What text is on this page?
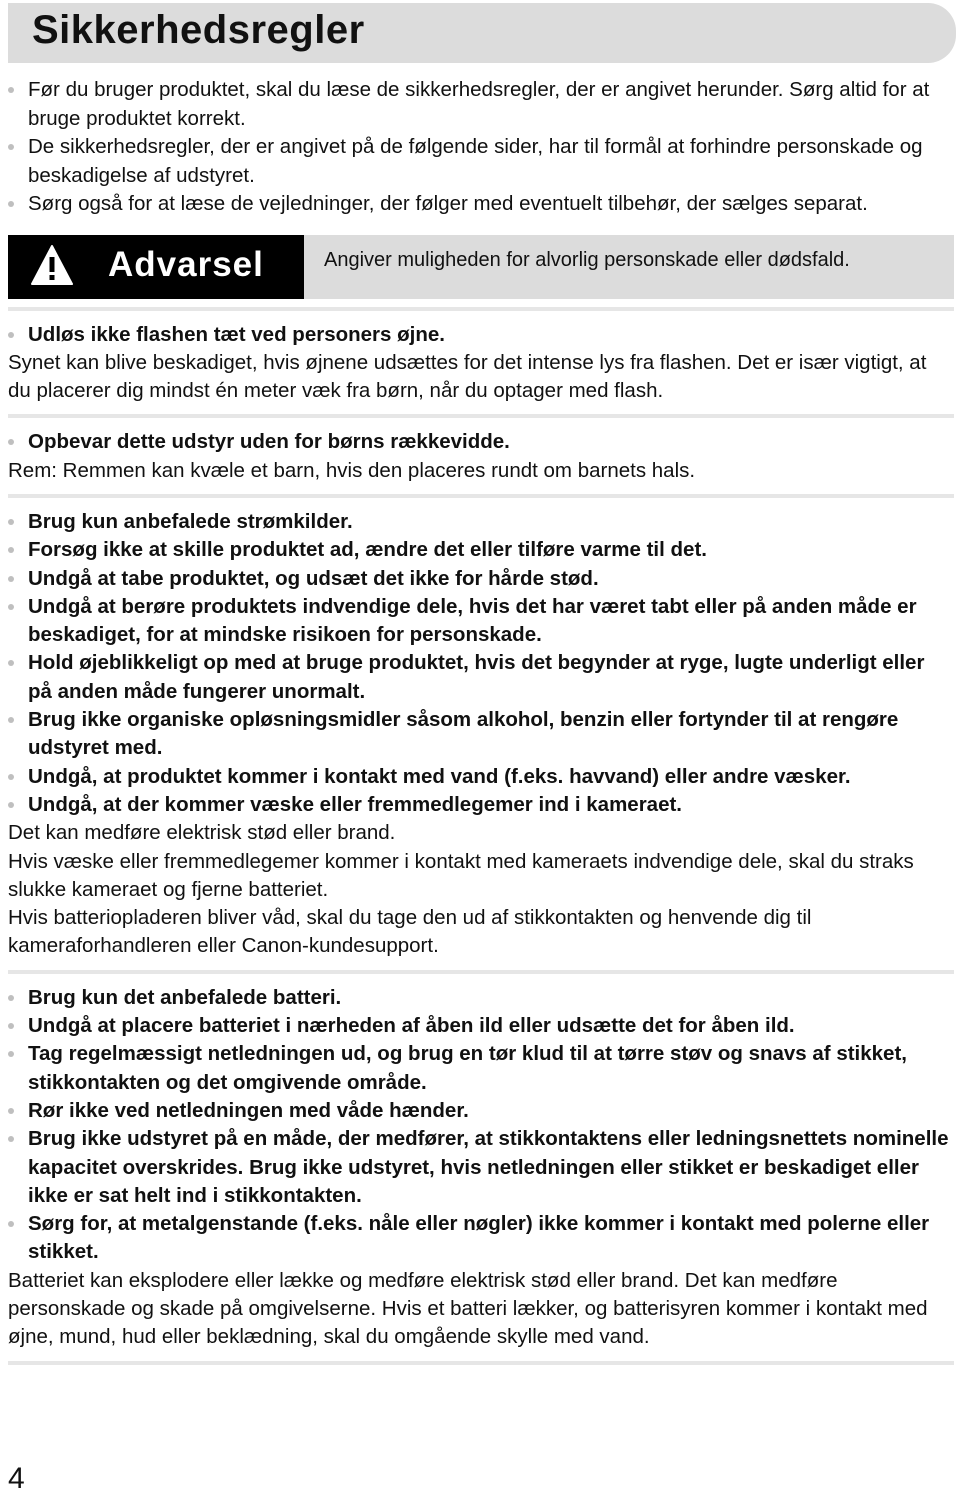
Sikkerhedsregler
Før du bruger produktet, skal du læse de sikkerhedsregler, der er angivet herunder. Sørg altid for at bruge produktet korrekt.
De sikkerhedsregler, der er angivet på de følgende sider, har til formål at forhindre personskade og beskadigelse af udstyret.
Sørg også for at læse de vejledninger, der følger med eventuelt tilbehør, der sælges separat.
Advarsel	Angiver muligheden for alvorlig personskade eller dødsfald.
Udløs ikke flashen tæt ved personers øjne.

Synet kan blive beskadiget, hvis øjnene udsættes for det intense lys fra flashen. Det er især vigtigt, at du placerer dig mindst én meter væk fra børn, når du optager med flash.

Opbevar dette udstyr uden for børns rækkevidde.

Rem: Remmen kan kvæle et barn, hvis den placeres rundt om barnets hals.

Brug kun anbefalede strømkilder.
Forsøg ikke at skille produktet ad, ændre det eller tilføre varme til det.
Undgå at tabe produktet, og udsæt det ikke for hårde stød.
Undgå at berøre produktets indvendige dele, hvis det har været tabt eller på anden måde er beskadiget, for at mindske risikoen for personskade.
Hold øjeblikkeligt op med at bruge produktet, hvis det begynder at ryge, lugte underligt eller på anden måde fungerer unormalt.
Brug ikke organiske opløsningsmidler såsom alkohol, benzin eller fortynder til at rengøre udstyret med.
Undgå, at produktet kommer i kontakt med vand (f.eks. havvand) eller andre væsker.
Undgå, at der kommer væske eller fremmedlegemer ind i kameraet.

Det kan medføre elektrisk stød eller brand.

Hvis væske eller fremmedlegemer kommer i kontakt med kameraets indvendige dele, skal du straks slukke kameraet og fjerne batteriet.

Hvis batteriopladeren bliver våd, skal du tage den ud af stikkontakten og henvende dig til kameraforhandleren eller Canon-kundesupport.

Brug kun det anbefalede batteri.
Undgå at placere batteriet i nærheden af åben ild eller udsætte det for åben ild.
Tag regelmæssigt netledningen ud, og brug en tør klud til at tørre støv og snavs af stikket, stikkontakten og det omgivende område.
Rør ikke ved netledningen med våde hænder.
Brug ikke udstyret på en måde, der medfører, at stikkontaktens eller ledningsnettets nominelle kapacitet overskrides. Brug ikke udstyret, hvis netledningen eller stikket er beskadiget eller ikke er sat helt ind i stikkontakten.
Sørg for, at metalgenstande (f.eks. nåle eller nøgler) ikke kommer i kontakt med polerne eller stikket.

Batteriet kan eksplodere eller lække og medføre elektrisk stød eller brand. Det kan medføre personskade og skade på omgivelserne. Hvis et batteri lækker, og batterisyren kommer i kontakt med øjne, mund, hud eller beklædning, skal du omgående skylle med vand.

4
